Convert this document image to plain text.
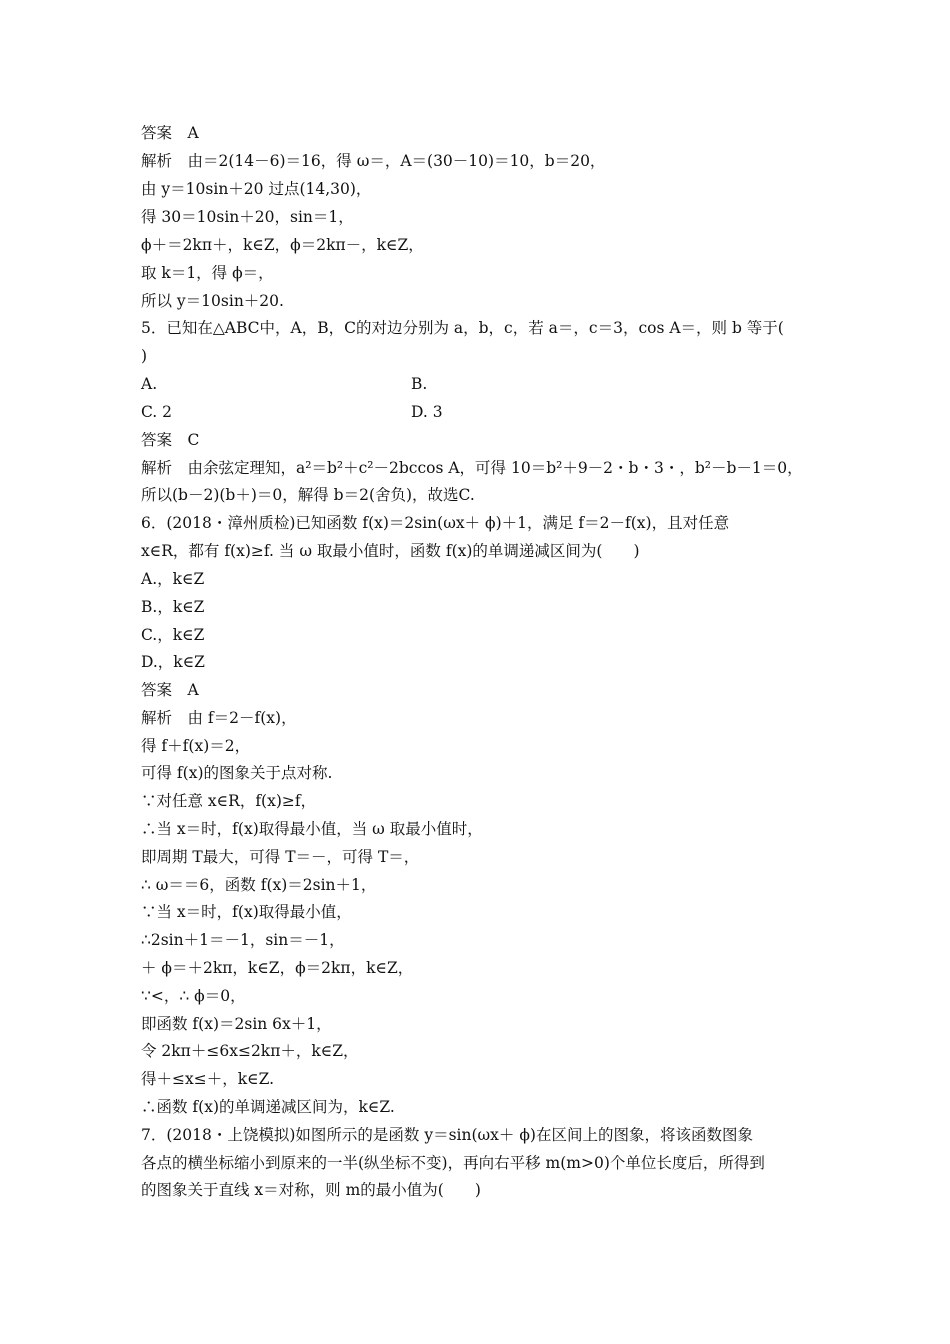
答案　A
解析　由＝2(14－6)＝16，得 ω＝，A＝(30－10)＝10，b＝20，
由 y＝10sin＋20 过点(14,30)，
得 30＝10sin＋20，sin＝1，
ϕ＋＝2kπ＋，k∈Z，ϕ＝2kπ－，k∈Z，
取 k＝1，得 ϕ＝，
所以 y＝10sin＋20.
5．已知在△ABC中，A，B，C的对边分别为 a，b，c，若 a＝，c＝3，cos A＝，则 b 等于(
)
A.	B.
C. 2	D. 3
答案　C
解析　由余弦定理知，a²＝b²＋c²－2bccos A，可得 10＝b²＋9－2・b・3・，b²－b－1＝0，
所以(b－2)(b＋)＝0，解得 b＝2(舍负)，故选C.
6．(2018・漳州质检)已知函数 f(x)＝2sin(ωx＋ ϕ)＋1，满足 f＝2－f(x)，且对任意
x∈R，都有 f(x)≥f. 当 ω 取最小值时，函数 f(x)的单调递减区间为(　　)
A.，k∈Z
B.，k∈Z
C.，k∈Z
D.，k∈Z
答案　A
解析　由 f＝2－f(x)，
得 f＋f(x)＝2，
可得 f(x)的图象关于点对称.
∵对任意 x∈R，f(x)≥f，
∴当 x＝时，f(x)取得最小值，当 ω 取最小值时，
即周期 T最大，可得 T＝－，可得 T＝，
∴ ω＝＝6，函数 f(x)＝2sin＋1，
∵当 x＝时，f(x)取得最小值，
∴2sin＋1＝－1，sin＝－1，
＋ ϕ＝＋2kπ，k∈Z，ϕ＝2kπ，k∈Z，
∵<，∴ ϕ＝0，
即函数 f(x)＝2sin 6x＋1，
令 2kπ＋≤6x≤2kπ＋，k∈Z，
得＋≤x≤＋，k∈Z.
∴函数 f(x)的单调递减区间为，k∈Z.
7．(2018・上饶模拟)如图所示的是函数 y＝sin(ωx＋ ϕ)在区间上的图象，将该函数图象
各点的横坐标缩小到原来的一半(纵坐标不变)，再向右平移 m(m>0)个单位长度后，所得到
的图象关于直线 x＝对称，则 m的最小值为(　　)
